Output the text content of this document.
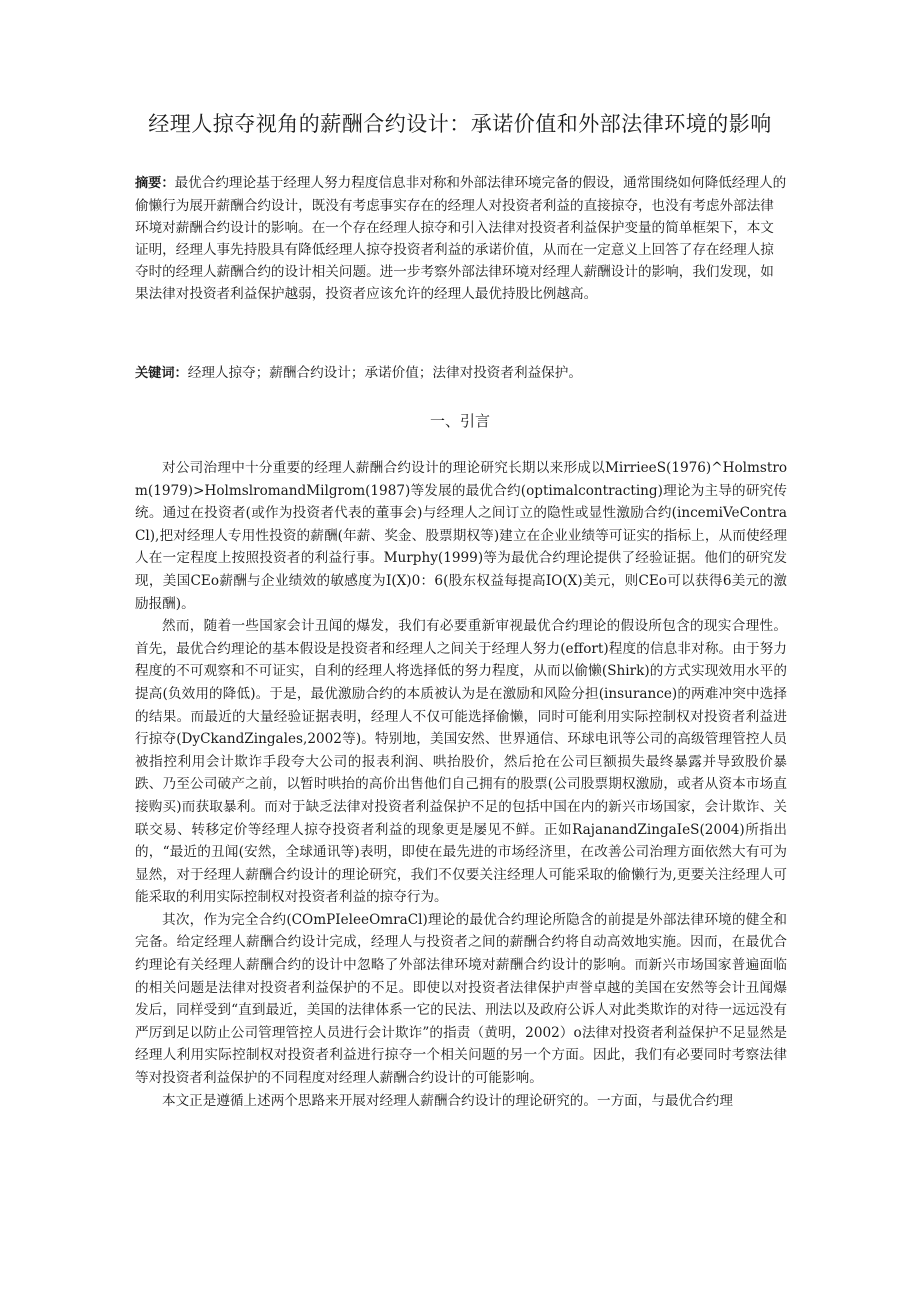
经理人掠夺视角的薪酬合约设计：承诺价值和外部法律环境的影响

摘要：最优合约理论基于经理人努力程度信息非对称和外部法律环境完备的假设，通常围绕如何降低经理人的偷懒行为展开薪酬合约设计，既没有考虑事实存在的经理人对投资者利益的直接掠夺，也没有考虑外部法律环境对薪酬合约设计的影响。在一个存在经理人掠夺和引入法律对投资者利益保护变量的简单框架下，本文证明，经理人事先持股具有降低经理人掠夺投资者利益的承诺价值，从而在一定意义上回答了存在经理人掠夺时的经理人薪酬合约的设计相关问题。进一步考察外部法律环境对经理人薪酬设计的影响，我们发现，如果法律对投资者利益保护越弱，投资者应该允许的经理人最优持股比例越高。

关键词：经理人掠夺；薪酬合约设计；承诺价值；法律对投资者利益保护。

一、引言

对公司治理中十分重要的经理人薪酬合约设计的理论研究长期以来形成以MirrieeS(1976)^Holmstrom(1979)>HolmslromandMilgrom(1987)等发展的最优合约(optimalcontracting)理论为主导的研究传统。通过在投资者(或作为投资者代表的董事会)与经理人之间订立的隐性或显性激励合约(incemiVeContraCl),把对经理人专用性投资的薪酬(年薪、奖金、股票期权等)建立在企业业绩等可证实的指标上，从而使经理人在一定程度上按照投资者的利益行事。Murphy(1999)等为最优合约理论提供了经验证据。他们的研究发现，美国CEo薪酬与企业绩效的敏感度为I(X)0：6(股东权益每提高IO(X)美元，则CEo可以获得6美元的激励报酬)。

然而，随着一些国家会计丑闻的爆发，我们有必要重新审视最优合约理论的假设所包含的现实合理性。首先，最优合约理论的基本假设是投资者和经理人之间关于经理人努力(effort)程度的信息非对称。由于努力程度的不可观察和不可证实，自利的经理人将选择低的努力程度，从而以偷懒(Shirk)的方式实现效用水平的提高(负效用的降低)。于是，最优激励合约的本质被认为是在激励和风险分担(insurance)的两难冲突中选择的结果。而最近的大量经验证据表明，经理人不仅可能选择偷懒，同时可能利用实际控制权对投资者利益进行掠夺(DyCkandZingales,2002等)。特别地，美国安然、世界通信、环球电讯等公司的高级管理管控人员被指控利用会计欺诈手段夸大公司的报表利润、哄抬股价，然后抢在公司巨额损失最终暴露并导致股价暴跌、乃至公司破产之前，以暂时哄抬的高价出售他们自己拥有的股票(公司股票期权激励，或者从资本市场直接购买)而获取暴利。而对于缺乏法律对投资者利益保护不足的包括中国在内的新兴市场国家，会计欺诈、关联交易、转移定价等经理人掠夺投资者利益的现象更是屡见不鲜。正如RajanandZingaIeS(2004)所指出的，“最近的丑闻(安然，全球通讯等)表明，即使在最先进的市场经济里，在改善公司治理方面依然大有可为显然，对于经理人薪酬合约设计的理论研究，我们不仅要关注经理人可能采取的偷懒行为,更要关注经理人可能采取的利用实际控制权对投资者利益的掠夺行为。

其次，作为完全合约(COmPIeleeOmraCl)理论的最优合约理论所隐含的前提是外部法律环境的健全和完备。给定经理人薪酬合约设计完成，经理人与投资者之间的薪酬合约将自动高效地实施。因而，在最优合约理论有关经理人薪酬合约的设计中忽略了外部法律环境对薪酬合约设计的影响。而新兴市场国家普遍面临的相关问题是法律对投资者利益保护的不足。即使以对投资者法律保护声誉卓越的美国在安然等会计丑闻爆发后，同样受到“直到最近，美国的法律体系一它的民法、刑法以及政府公诉人对此类欺诈的对待一远远没有严厉到足以防止公司管理管控人员进行会计欺诈”的指责（黄明，2002）o法律对投资者利益保护不足显然是经理人利用实际控制权对投资者利益进行掠夺一个相关问题的另一个方面。因此，我们有必要同时考察法律等对投资者利益保护的不同程度对经理人薪酬合约设计的可能影响。

本文正是遵循上述两个思路来开展对经理人薪酬合约设计的理论研究的。一方面，与最优合约理
